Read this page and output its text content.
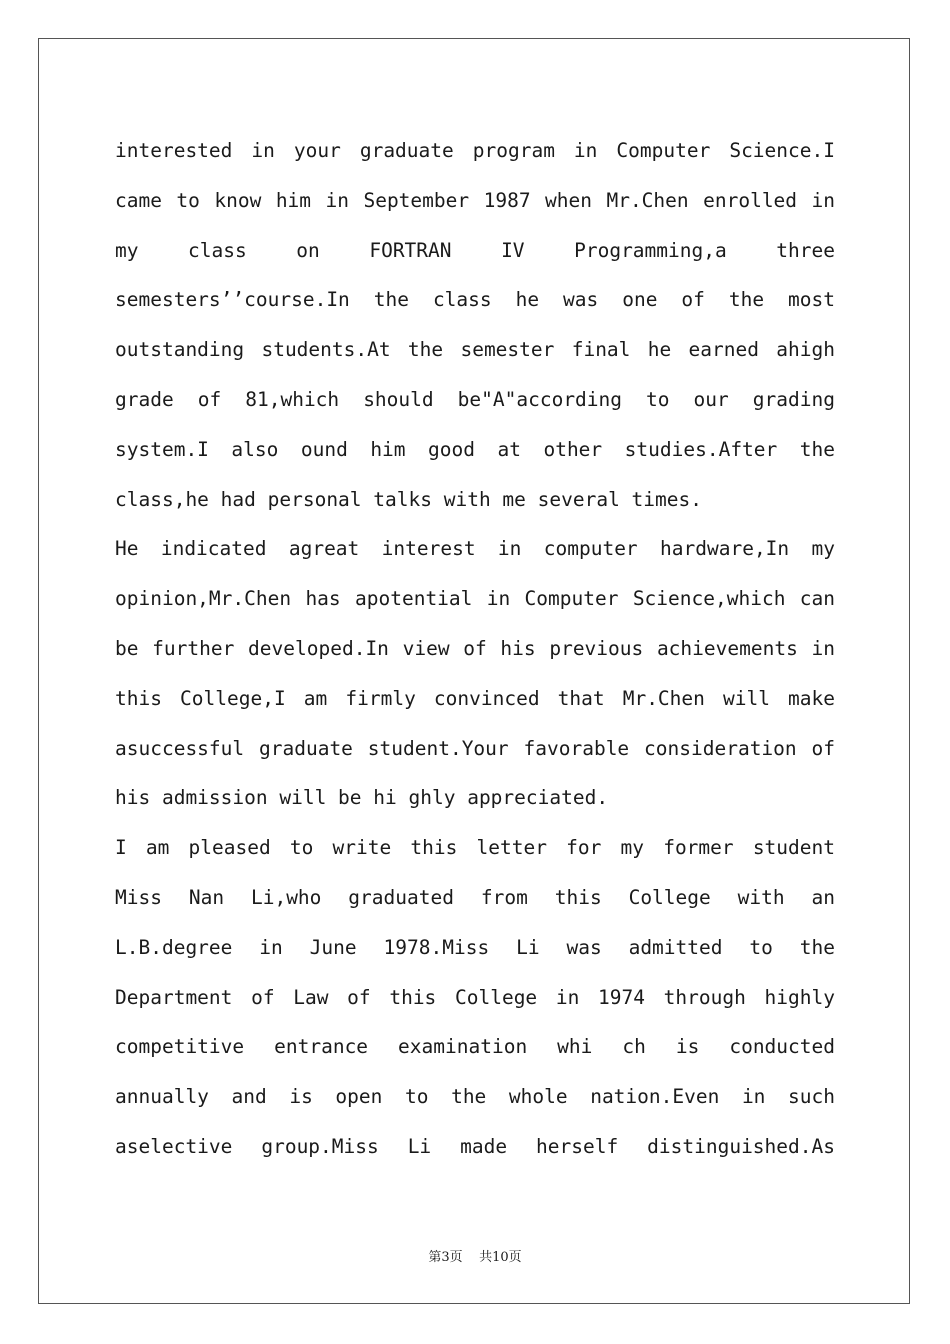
interested in your graduate program in Computer Science.I
came to know him in September 1987 when Mr.Chen enrolled in
my class on FORTRAN IV Programming,a three
semesters’’course.In the class he was one of the most
outstanding students.At the semester final he earned ahigh
grade of 81,which should be"A"according to our grading
system.I also ound him good at other studies.After the
class,he had personal talks with me several times.
He indicated agreat interest in computer hardware,In my
opinion,Mr.Chen has apotential in Computer Science,which can
be further developed.In view of his previous achievements in
this College,I am firmly convinced that Mr.Chen will make
asuccessful graduate student.Your favorable consideration of
his admission will be hi ghly appreciated.
I am pleased to write this letter for my former student
Miss Nan Li,who graduated from this College with an
L.B.degree in June 1978.Miss Li was admitted to the
Department of Law of this College in 1974 through highly
competitive entrance examination whi ch is conducted
annually and is open to the whole nation.Even in such
aselective group.Miss Li made herself distinguished.As
第3页 共10页
